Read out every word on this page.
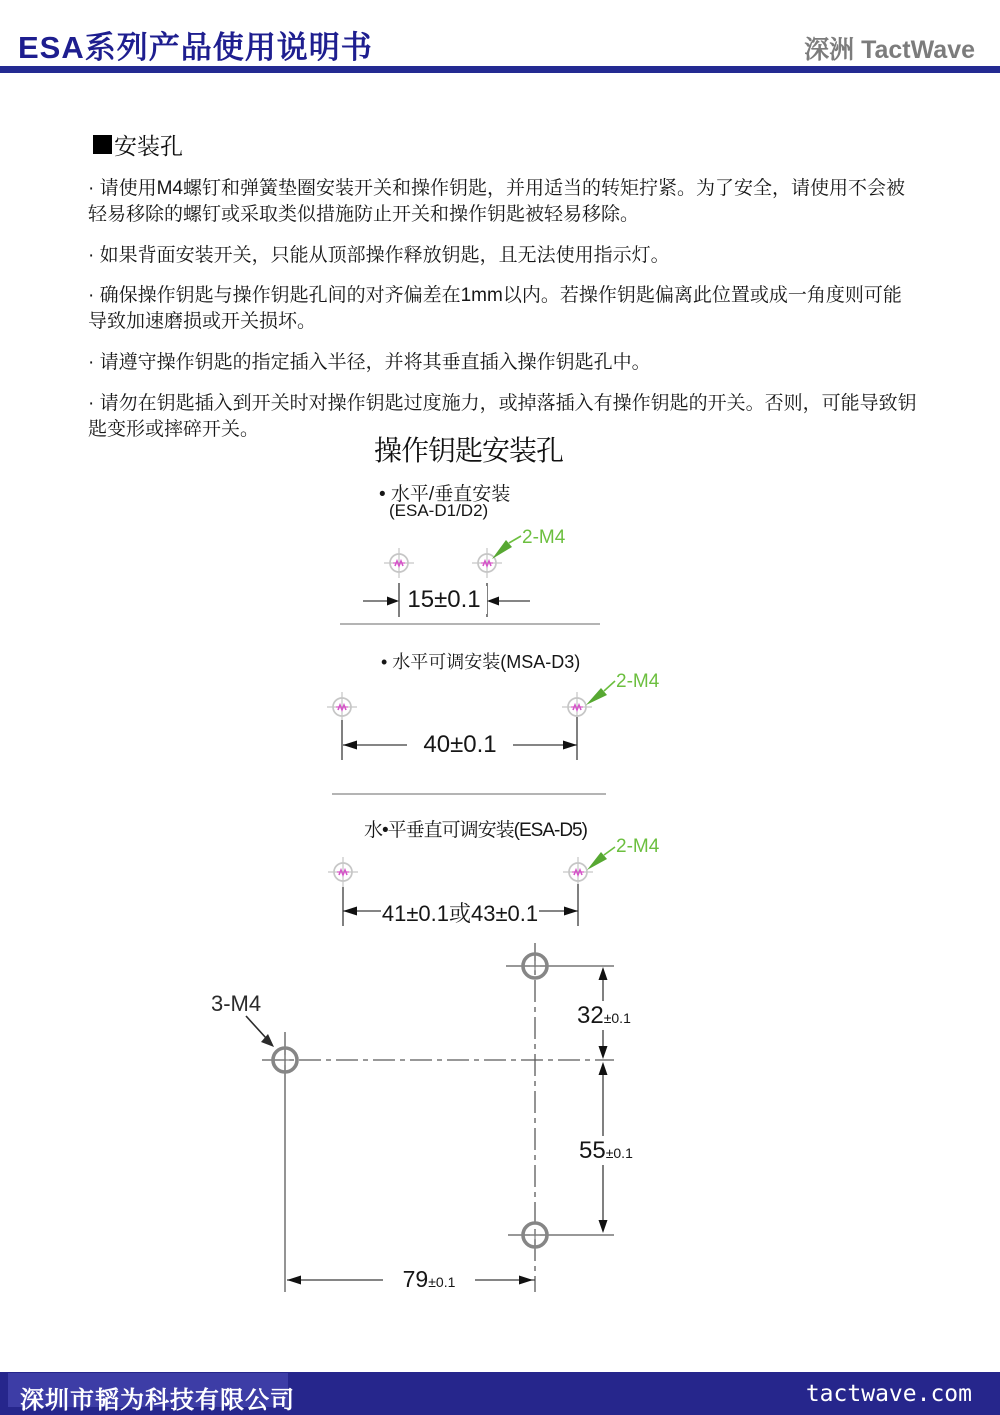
ESA系列产品使用说明书	深洲 TactWave
安装孔

· 请使用M4螺钉和弹簧垫圈安装开关和操作钥匙，并用适当的转矩拧紧。为了安全，请使用不会被轻易移除的螺钉或采取类似措施防止开关和操作钥匙被轻易移除。

· 如果背面安装开关，只能从顶部操作释放钥匙，且无法使用指示灯。

· 确保操作钥匙与操作钥匙孔间的对齐偏差在1mm以内。若操作钥匙偏离此位置或成一角度则可能导致加速磨损或开关损坏。

· 请遵守操作钥匙的指定插入半径，并将其垂直插入操作钥匙孔中。

· 请勿在钥匙插入到开关时对操作钥匙过度施力，或掉落插入有操作钥匙的开关。否则，可能导致钥匙变形或摔碎开关。

操作钥匙安装孔
• 水平/垂直安装
(ESA-D1/D2)
2-M4
15±0.1
• 水平可调安装(MSA-D3)
2-M4
40±0.1
水•平垂直可调安装(ESA-D5)
2-M4
41±0.1或43±0.1
3-M4	32±0.1
55±0.1
79±0.1
深圳市韬为科技有限公司	tactwave.com
